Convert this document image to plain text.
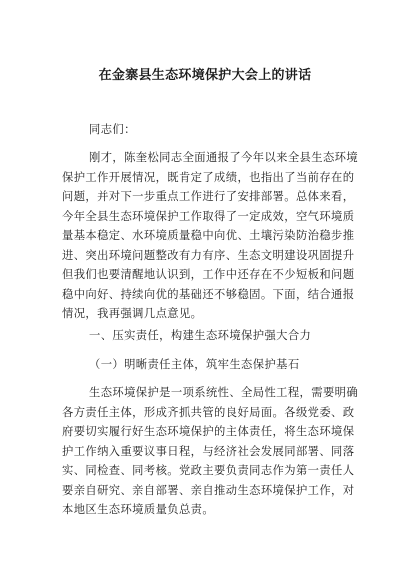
在金寨县生态环境保护大会上的讲话
同志们：
刚才，陈奎松同志全面通报了今年以来全县生态环境
保护工作开展情况，既肯定了成绩，也指出了当前存在的
问题，并对下一步重点工作进行了安排部署。总体来看，
今年全县生态环境保护工作取得了一定成效，空气环境质
量基本稳定、水环境质量稳中向优、土壤污染防治稳步推
进、突出环境问题整改有力有序、生态文明建设巩固提升
但我们也要清醒地认识到，工作中还存在不少短板和问题
稳中向好、持续向优的基础还不够稳固。下面，结合通报
情况，我再强调几点意见。
一、压实责任，构建生态环境保护强大合力
（一）明晰责任主体，筑牢生态保护基石
生态环境保护是一项系统性、全局性工程，需要明确
各方责任主体，形成齐抓共管的良好局面。各级党委、政
府要切实履行好生态环境保护的主体责任，将生态环境保
护工作纳入重要议事日程，与经济社会发展同部署、同落
实、同检查、同考核。党政主要负责同志作为第一责任人
要亲自研究、亲自部署、亲自推动生态环境保护工作，对
本地区生态环境质量负总责。
